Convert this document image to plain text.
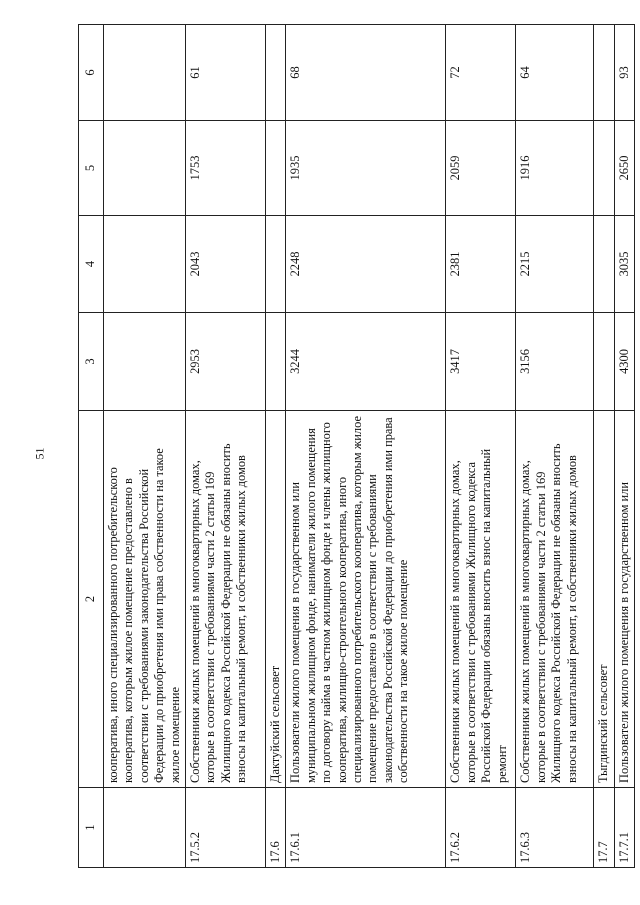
51
1	2	3	4	5	6
	кооператива, иного специализированного потребительского кооператива, которым жилое помещение предоставлено в соответствии с требованиями законодательства Российской Федерации до приобретения ими права собственности на такое жилое помещение				
17.5.2	Собственники жилых помещений в многоквартирных домах, которые в соответствии с требованиями части 2 статьи 169 Жилищного кодекса Российской Федерации не обязаны вносить взносы на капитальный ремонт, и собственники жилых домов	2953	2043	1753	61
17.6	Дактуйский сельсовет				
17.6.1	Пользователи жилого помещения в государственном или муниципальном жилищном фонде, наниматели жилого помещения по договору найма в частном жилищном фонде и члены жилищного кооператива, жилищно-строительного кооператива, иного специализированного потребительского кооператива, которым жилое помещение предоставлено в соответствии с требованиями законодательства Российской Федерации до приобретения ими права собственности на такое жилое помещение	3244	2248	1935	68
17.6.2	Собственники жилых помещений в многоквартирных домах, которые в соответствии с требованиями Жилищного кодекса Российской Федерации обязаны вносить взнос на капитальный ремонт	3417	2381	2059	72
17.6.3	Собственники жилых помещений в многоквартирных домах, которые в соответствии с требованиями части 2 статьи 169 Жилищного кодекса Российской Федерации не обязаны вносить взносы на капитальный ремонт, и собственники жилых домов	3156	2215	1916	64
17.7	Тыгдинский сельсовет				
17.7.1	Пользователи жилого помещения в государственном или	4300	3035	2650	93
